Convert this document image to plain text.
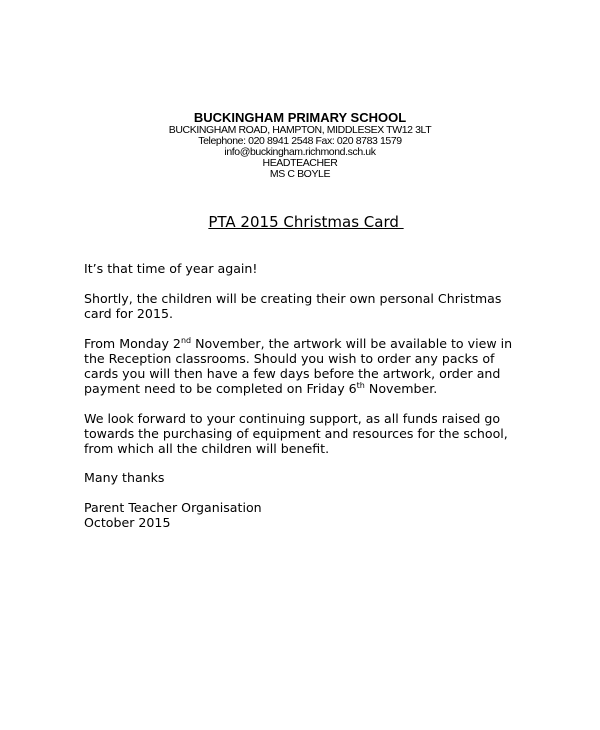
BUCKINGHAM PRIMARY SCHOOL
BUCKINGHAM ROAD, HAMPTON, MIDDLESEX TW12 3LT
Telephone: 020 8941 2548 Fax: 020 8783 1579
info@buckingham.richmond.sch.uk
HEADTEACHER
MS C BOYLE
PTA 2015 Christmas Card
It’s that time of year again!
Shortly, the children will be creating their own personal Christmas
card for 2015.
From Monday 2nd November, the artwork will be available to view in
the Reception classrooms. Should you wish to order any packs of
cards you will then have a few days before the artwork, order and
payment need to be completed on Friday 6th November.
We look forward to your continuing support, as all funds raised go
towards the purchasing of equipment and resources for the school,
from which all the children will benefit.
Many thanks
Parent Teacher Organisation
October 2015
